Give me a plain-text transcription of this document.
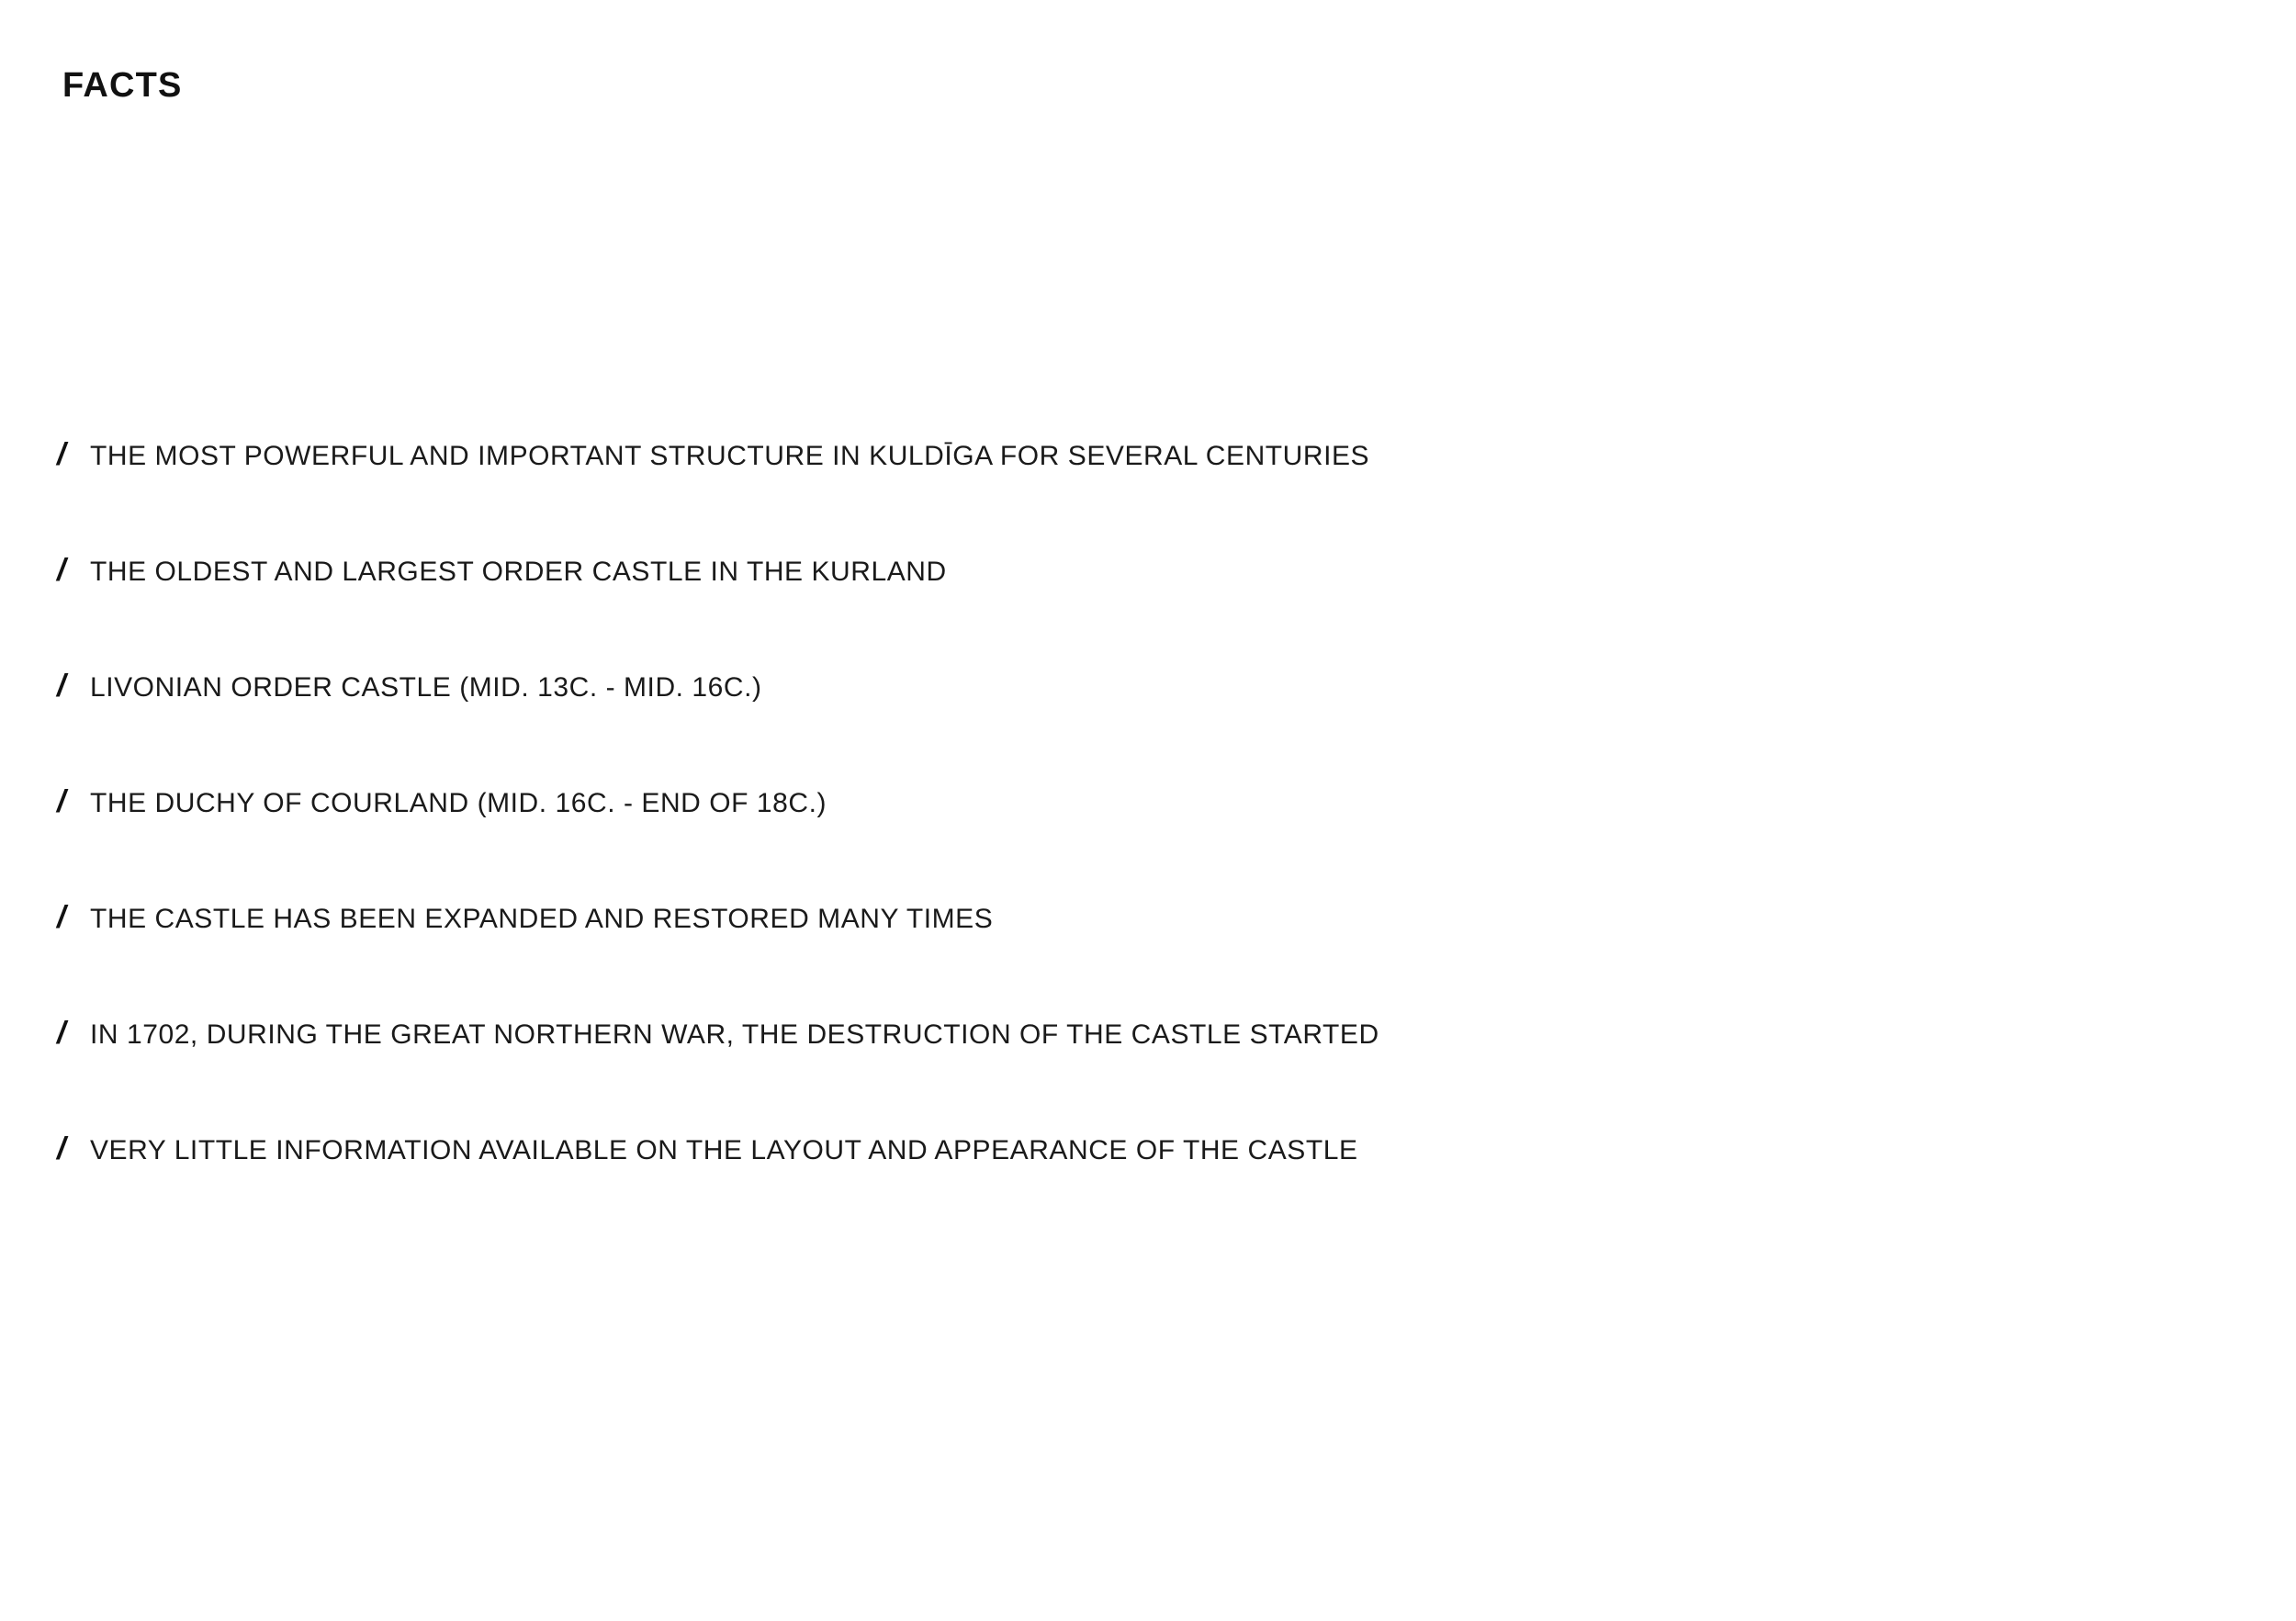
FACTS
/ THE MOST POWERFUL AND IMPORTANT STRUCTURE IN KULDĪGA FOR SEVERAL CENTURIES
/ THE OLDEST AND LARGEST ORDER CASTLE IN THE KURLAND
/ LIVONIAN ORDER CASTLE (MID. 13C. - MID. 16C.)
/ THE DUCHY OF COURLAND (MID. 16C. - END OF 18C.)
/ THE CASTLE HAS BEEN EXPANDED AND RESTORED MANY TIMES
/ IN 1702, DURING THE GREAT NORTHERN WAR, THE DESTRUCTION OF THE CASTLE STARTED
/ VERY LITTLE INFORMATION AVAILABLE ON THE LAYOUT AND APPEARANCE OF THE CASTLE
